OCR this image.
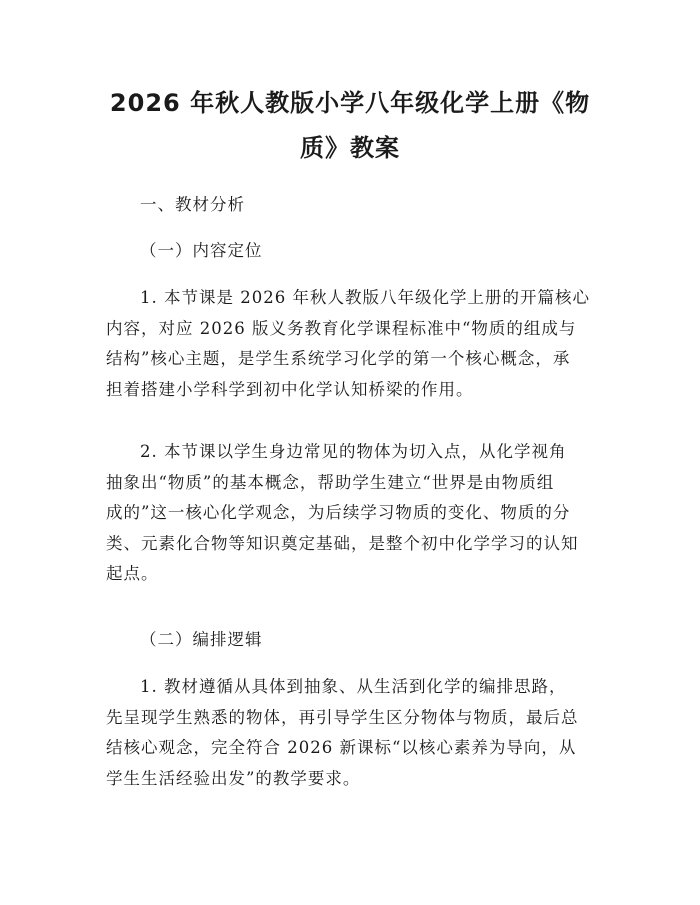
2026 年秋人教版小学八年级化学上册《物
质》教案
一、教材分析
（一）内容定位
1. 本节课是 2026 年秋人教版八年级化学上册的开篇核心
内容，对应 2026 版义务教育化学课程标准中“物质的组成与
结构”核心主题，是学生系统学习化学的第一个核心概念，承
担着搭建小学科学到初中化学认知桥梁的作用。
2. 本节课以学生身边常见的物体为切入点，从化学视角
抽象出“物质”的基本概念，帮助学生建立“世界是由物质组
成的”这一核心化学观念，为后续学习物质的变化、物质的分
类、元素化合物等知识奠定基础，是整个初中化学学习的认知
起点。
（二）编排逻辑
1. 教材遵循从具体到抽象、从生活到化学的编排思路，
先呈现学生熟悉的物体，再引导学生区分物体与物质，最后总
结核心观念，完全符合 2026 新课标“以核心素养为导向，从
学生生活经验出发”的教学要求。
